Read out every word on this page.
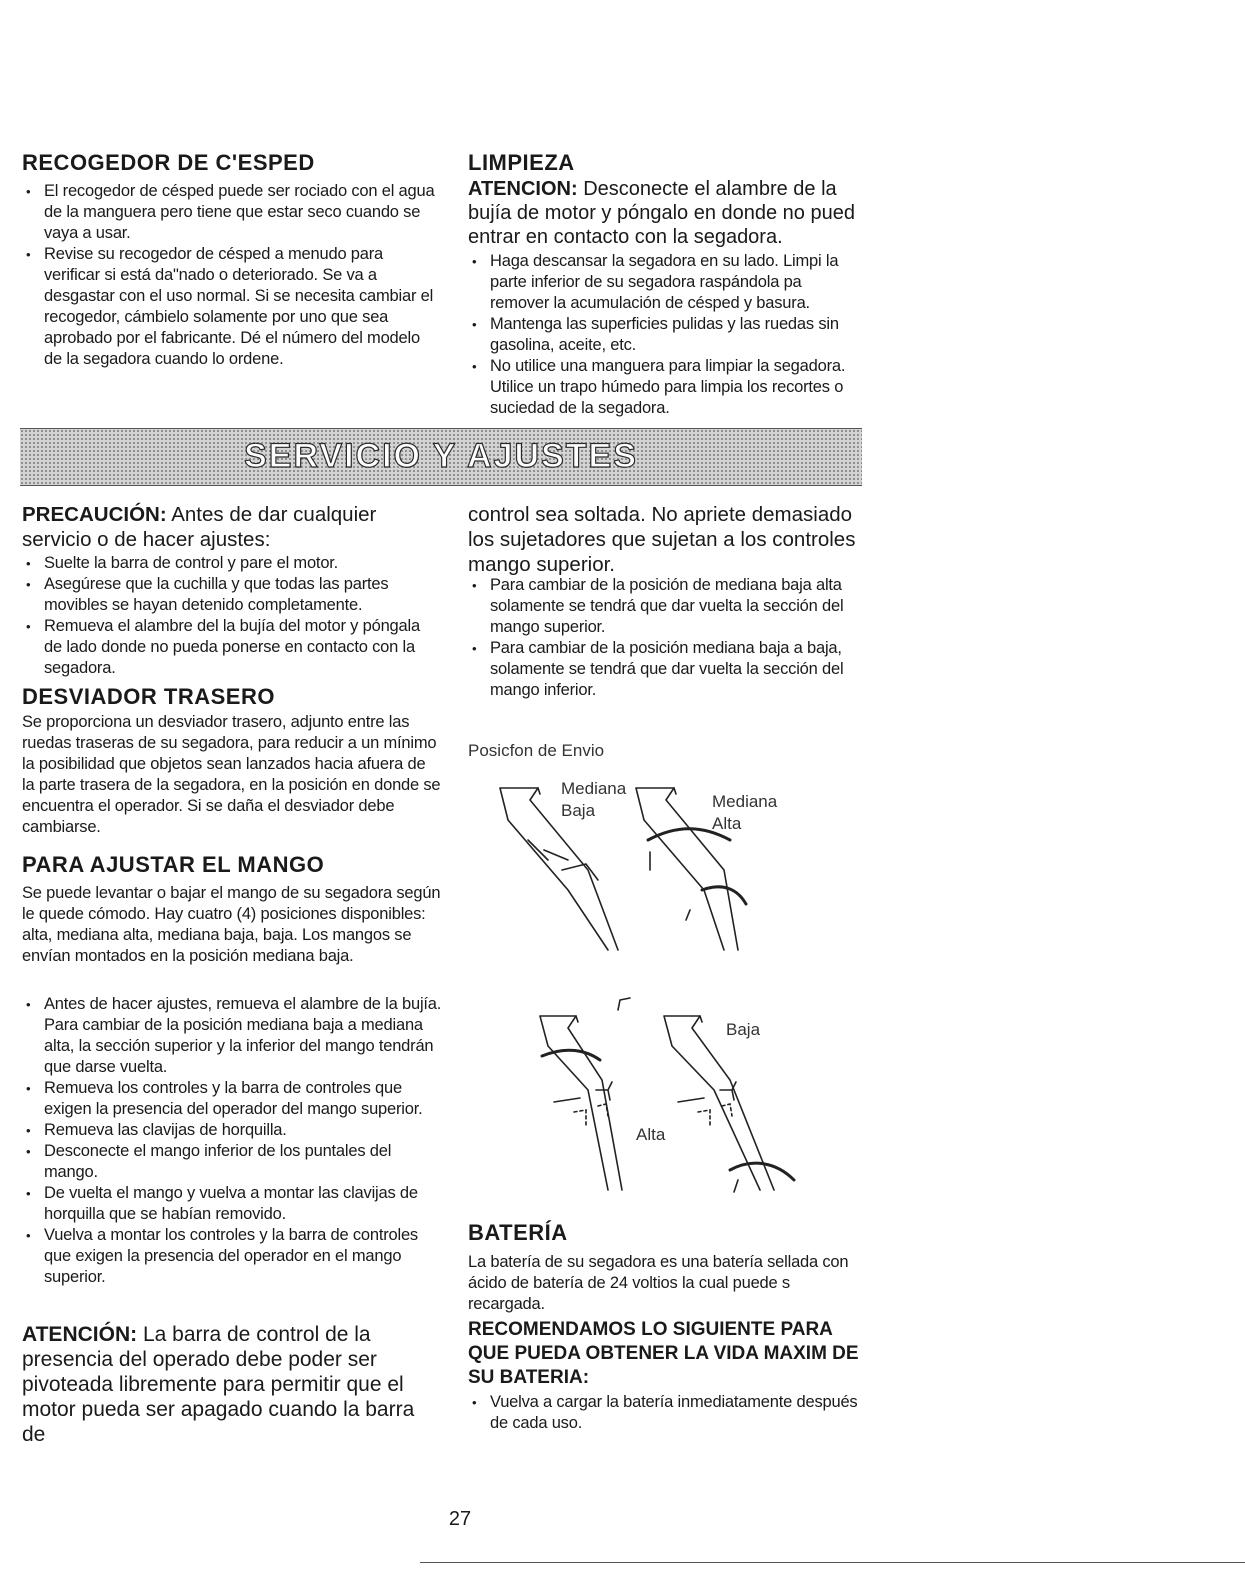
RECOGEDOR DE C'ESPED
• El recogedor de césped puede ser rociado con el agua de la manguera pero tiene que estar seco cuando se vaya a usar.
• Revise su recogedor de césped a menudo para verificar si está da"nado o deteriorado. Se va a desgastar con el uso normal. Si se necesita cambiar el recogedor, cámbielo solamente por uno que sea aprobado por el fabricante. Dé el número del modelo de la segadora cuando lo ordene.
LIMPIEZA
ATENCION: Desconecte el alambre de la bujía de motor y póngalo en donde no pued entrar en contacto con la segadora.
• Haga descansar la segadora en su lado. Limpi la parte inferior de su segadora raspándola pa remover la acumulación de césped y basura.
• Mantenga las superficies pulidas y las ruedas sin gasolina, aceite, etc.
• No utilice una manguera para limpiar la segadora. Utilice un trapo húmedo para limpia los recortes o suciedad de la segadora.
SERVICIO Y AJUSTES
PRECAUCIÓN: Antes de dar cualquier servicio o de hacer ajustes:
• Suelte la barra de control y pare el motor.
• Asegúrese que la cuchilla y que todas las partes movibles se hayan detenido completamente.
• Remueva el alambre del la bujía del motor y póngala de lado donde no pueda ponerse en contacto con la segadora.
DESVIADOR TRASERO

Se proporciona un desviador trasero, adjunto entre las ruedas traseras de su segadora, para reducir a un mínimo la posibilidad que objetos sean lanzados hacia afuera de la parte trasera de la segadora, en la posición en donde se encuentra el operador. Si se daña el desviador debe cambiarse.

PARA AJUSTAR EL MANGO

Se puede levantar o bajar el mango de su segadora según le quede cómodo. Hay cuatro (4) posiciones disponibles: alta, mediana alta, mediana baja, baja. Los mangos se envían montados en la posición mediana baja.

• Antes de hacer ajustes, remueva el alambre de la bujía. Para cambiar de la posición mediana baja a mediana alta, la sección superior y la inferior del mango tendrán que darse vuelta.
• Remueva los controles y la barra de controles que exigen la presencia del operador del mango superior.
• Remueva las clavijas de horquilla.
• Desconecte el mango inferior de los puntales del mango.
• De vuelta el mango y vuelva a montar las clavijas de horquilla que se habían removido.
• Vuelva a montar los controles y la barra de controles que exigen la presencia del operador en el mango superior.
ATENCIÓN: La barra de control de la presencia del operado debe poder ser pivoteada libremente para permitir que el motor pueda ser apagado cuando la barra de

control sea soltada. No apriete demasiado los sujetadores que sujetan a los controles mango superior.

• Para cambiar de la posición de mediana baja alta solamente se tendrá que dar vuelta la sección del mango superior.
• Para cambiar de la posición mediana baja a baja, solamente se tendrá que dar vuelta la sección del mango inferior.
Posicfon de Envio
Mediana
Baja	Mediana
Alta
Baja
Alta
BATERÍA

La batería de su segadora es una batería sellada con ácido de batería de 24 voltios la cual puede s recargada.

RECOMENDAMOS LO SIGUIENTE PARA QUE PUEDA OBTENER LA VIDA MAXIM DE SU BATERIA:
• Vuelva a cargar la batería inmediatamente después de cada uso.
27
